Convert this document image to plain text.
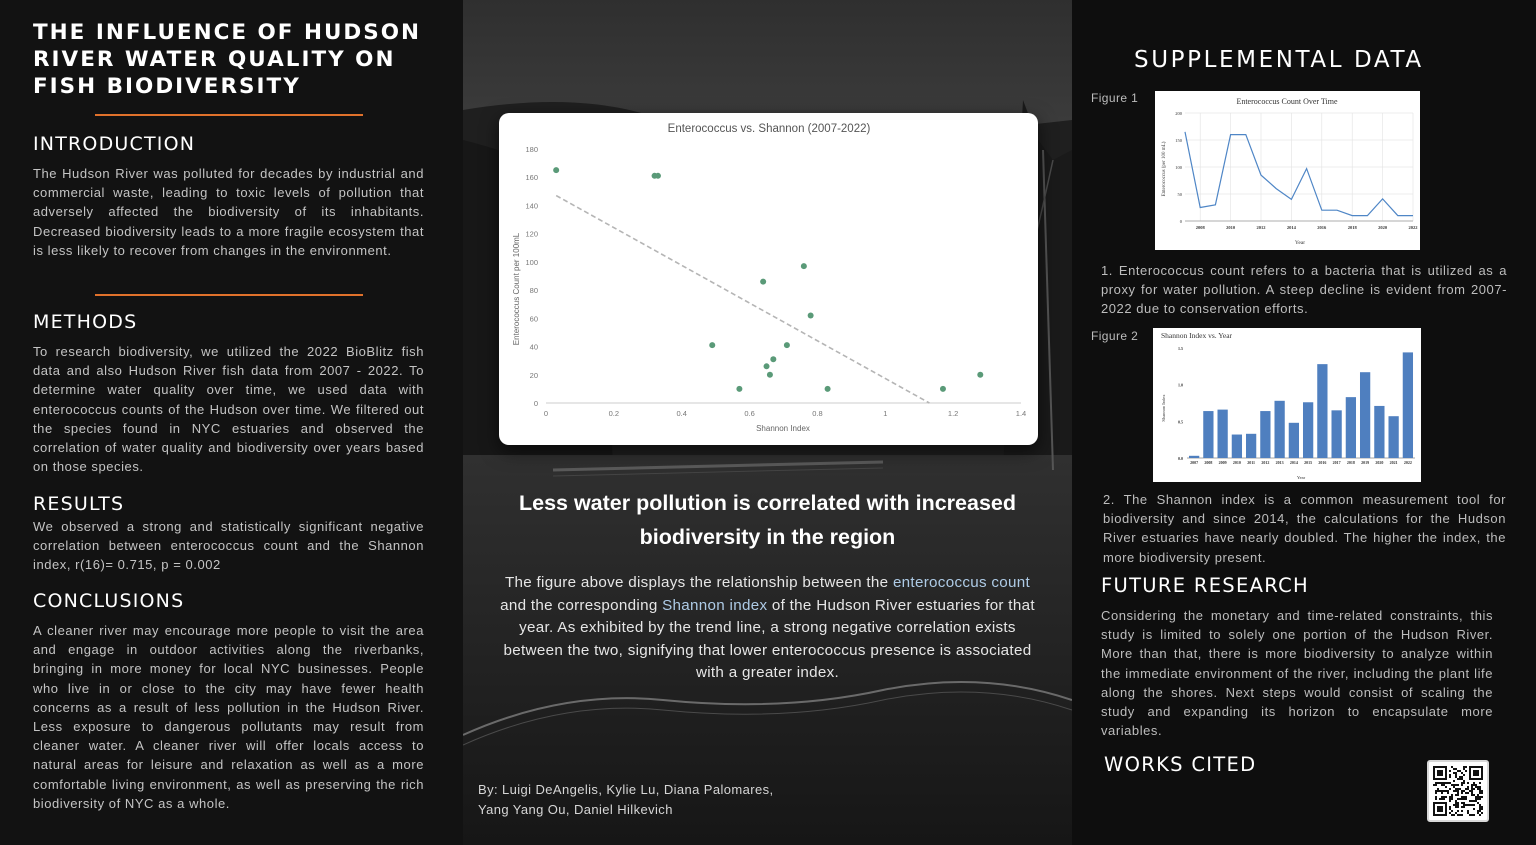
THE INFLUENCE OF HUDSON RIVER WATER QUALITY ON FISH BIODIVERSITY
INTRODUCTION
The Hudson River was polluted for decades by industrial and commercial waste, leading to toxic levels of pollution that adversely affected the biodiversity of its inhabitants. Decreased biodiversity leads to a more fragile ecosystem that is less likely to recover from changes in the environment.
METHODS
To research biodiversity, we utilized the 2022 BioBlitz fish data and also Hudson River fish data from 2007 - 2022. To determine water quality over time, we used data with enterococcus counts of the Hudson over time. We filtered out the species found in NYC estuaries and observed the correlation of water quality and biodiversity over years based on those species.
RESULTS
We observed a strong and statistically significant negative correlation between enterococcus count and the Shannon index, r(16)= 0.715, p = 0.002
CONCLUSIONS
A cleaner river may encourage more people to visit the area and engage in outdoor activities along the riverbanks, bringing in more money for local NYC businesses. People who live in or close to the city may have fewer health concerns as a result of less pollution in the Hudson River. Less exposure to dangerous pollutants may result from cleaner water. A cleaner river will offer locals access to natural areas for leisure and relaxation as well as a more comfortable living environment, as well as preserving the rich biodiversity of NYC as a whole.
Enterococcus vs. Shannon (2007-2022)
Shannon Index
Enterococcus Count per 100mL
0
20
40
60
80
100
120
140
160
180
0	0.2	0.4	0.6	0.8	1	1.2	1.4
Less water pollution is correlated with increased biodiversity in the region
The figure above displays the relationship between the enterococcus count and the corresponding Shannon index of the Hudson River estuaries for that year. As exhibited by the trend line, a strong negative correlation exists between the two, signifying that lower enterococcus presence is associated with a greater index.
By: Luigi DeAngelis, Kylie Lu, Diana Palomares,
Yang Yang Ou, Daniel Hilkevich
SUPPLEMENTAL DATA
Figure 1	Enterococcus Count Over Time
Year
Enterococcus (per 100 mL)
0
50
100
150
200
2008	2010	2012	2014	2016	2018	2020	2022
1. Enterococcus count refers to a bacteria that is utilized as a proxy for water pollution. A steep decline is evident from 2007-2022 due to conservation efforts.
Figure 2	Shannon Index vs. Year
Shannon Index
Year
0.0
0.5
1.0
1.5
2007 2008 2009 2010 2011 2012 2013 2014 2015 2016 2017 2018 2019 2020 2021 2022
2. The Shannon index is a common measurement tool for biodiversity and since 2014, the calculations for the Hudson River estuaries have nearly doubled. The higher the index, the more biodiversity present.
FUTURE RESEARCH
Considering the monetary and time-related constraints, this study is limited to solely one portion of the Hudson River. More than that, there is more biodiversity to analyze within the immediate environment of the river, including the plant life along the shores. Next steps would consist of scaling the study and expanding its horizon to encapsulate more variables.
WORKS CITED
